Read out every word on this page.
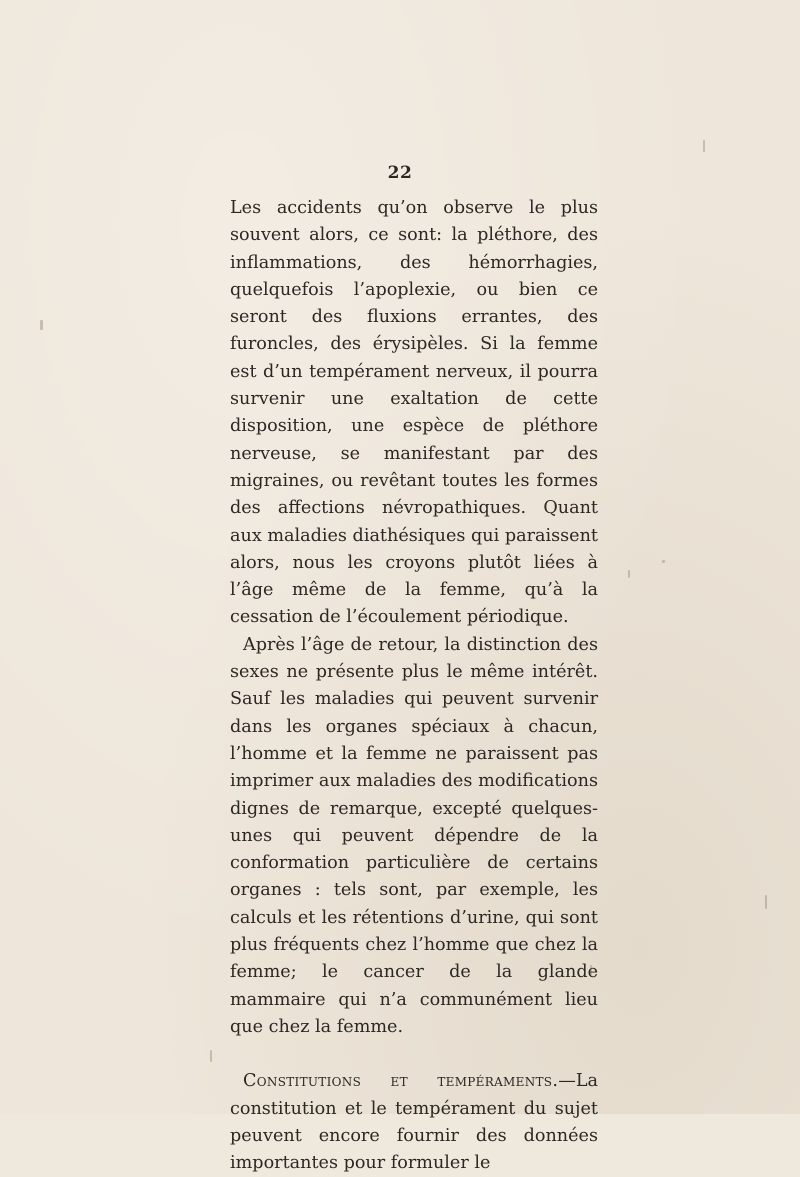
22

Les accidents qu’on observe le plus souvent alors, ce sont: la pléthore, des inflammations, des hémorrhagies, quelquefois l’apoplexie, ou bien ce seront des fluxions errantes, des furoncles, des érysipèles. Si la femme est d’un tempérament nerveux, il pourra survenir une exaltation de cette disposition, une espèce de pléthore nerveuse, se manifestant par des migraines, ou revêtant toutes les formes des affections névropathiques. Quant aux maladies diathésiques qui paraissent alors, nous les croyons plutôt liées à l’âge même de la femme, qu’à la cessation de l’écoulement périodique.

Après l’âge de retour, la distinction des sexes ne présente plus le même intérêt. Sauf les maladies qui peuvent survenir dans les organes spéciaux à chacun, l’homme et la femme ne paraissent pas imprimer aux maladies des modifications dignes de remarque, excepté quelques-unes qui peuvent dépendre de la conformation particulière de certains organes : tels sont, par exemple, les calculs et les rétentions d’urine, qui sont plus fréquents chez l’homme que chez la femme; le cancer de la glande mammaire qui n’a communément lieu que chez la femme.

Constitutions et tempéraments.—La constitution et le tempérament du sujet peuvent encore fournir des données importantes pour formuler le
